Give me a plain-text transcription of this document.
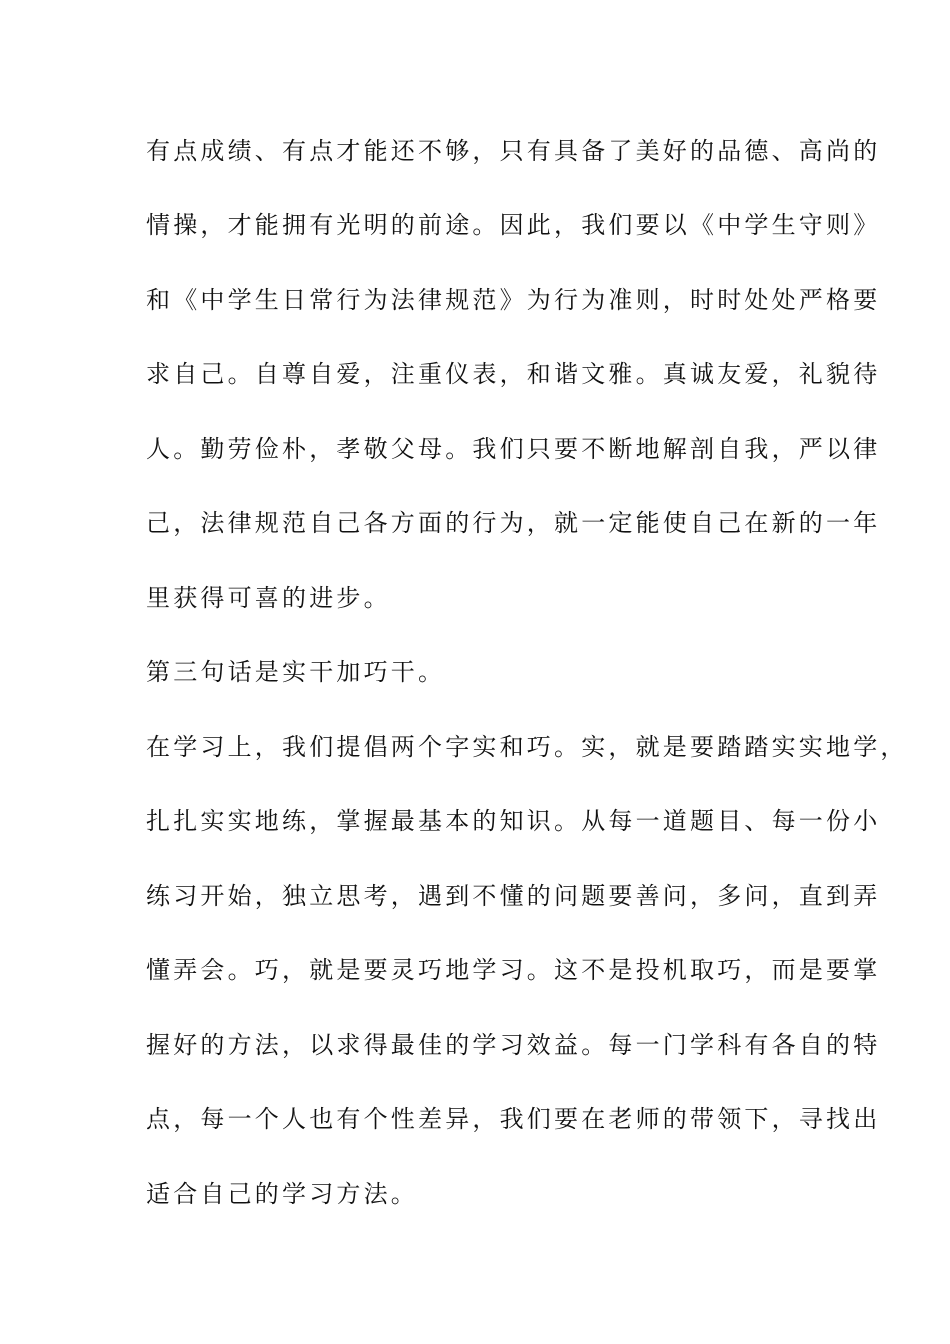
有点成绩、有点才能还不够，只有具备了美好的品德、高尚的
情操，才能拥有光明的前途。因此，我们要以《中学生守则》
和《中学生日常行为法律规范》为行为准则，时时处处严格要
求自己。自尊自爱，注重仪表，和谐文雅。真诚友爱，礼貌待
人。勤劳俭朴，孝敬父母。我们只要不断地解剖自我，严以律
己，法律规范自己各方面的行为，就一定能使自己在新的一年
里获得可喜的进步。
第三句话是实干加巧干。
在学习上，我们提倡两个字实和巧。实，就是要踏踏实实地学，
扎扎实实地练，掌握最基本的知识。从每一道题目、每一份小
练习开始，独立思考，遇到不懂的问题要善问，多问，直到弄
懂弄会。巧，就是要灵巧地学习。这不是投机取巧，而是要掌
握好的方法，以求得最佳的学习效益。每一门学科有各自的特
点，每一个人也有个性差异，我们要在老师的带领下，寻找出
适合自己的学习方法。
